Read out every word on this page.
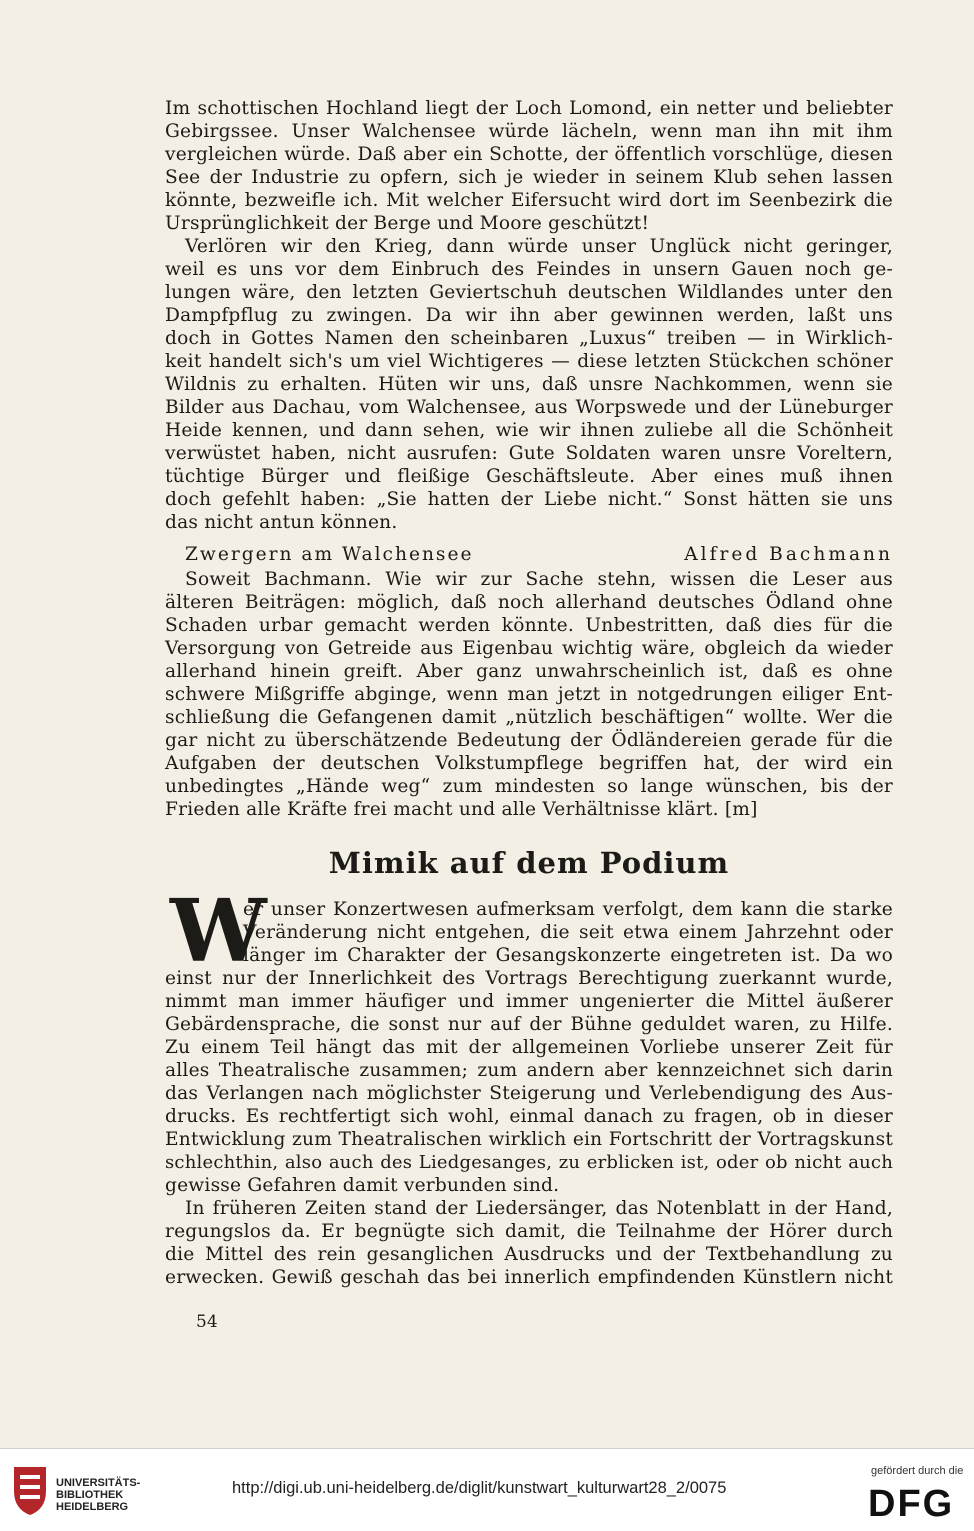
Im schottischen Hochland liegt der Loch Lomond, ein netter und beliebter
Gebirgssee. Unser Walchensee würde lächeln, wenn man ihn mit ihm
vergleichen würde. Daß aber ein Schotte, der öffentlich vorschlüge, diesen
See der Industrie zu opfern, sich je wieder in seinem Klub sehen lassen
könnte, bezweifle ich. Mit welcher Eifersucht wird dort im Seenbezirk die
Ursprünglichkeit der Berge und Moore geschützt!
Verlören wir den Krieg, dann würde unser Unglück nicht geringer,
weil es uns vor dem Einbruch des Feindes in unsern Gauen noch ge-
lungen wäre, den letzten Geviertschuh deutschen Wildlandes unter den
Dampfpflug zu zwingen. Da wir ihn aber gewinnen werden, laßt uns
doch in Gottes Namen den scheinbaren „Luxus“ treiben — in Wirklich-
keit handelt sich's um viel Wichtigeres — diese letzten Stückchen schöner
Wildnis zu erhalten. Hüten wir uns, daß unsre Nachkommen, wenn sie
Bilder aus Dachau, vom Walchensee, aus Worpswede und der Lüneburger
Heide kennen, und dann sehen, wie wir ihnen zuliebe all die Schönheit
verwüstet haben, nicht ausrufen: Gute Soldaten waren unsre Voreltern,
tüchtige Bürger und fleißige Geschäftsleute. Aber eines muß ihnen
doch gefehlt haben: „Sie hatten der Liebe nicht.“ Sonst hätten sie uns
das nicht antun können.
Zwergern am Walchensee	Alfred Bachmann
Soweit Bachmann. Wie wir zur Sache stehn, wissen die Leser aus
älteren Beiträgen: möglich, daß noch allerhand deutsches Ödland ohne
Schaden urbar gemacht werden könnte. Unbestritten, daß dies für die
Versorgung von Getreide aus Eigenbau wichtig wäre, obgleich da wieder
allerhand hinein greift. Aber ganz unwahrscheinlich ist, daß es ohne
schwere Mißgriffe abginge, wenn man jetzt in notgedrungen eiliger Ent-
schließung die Gefangenen damit „nützlich beschäftigen“ wollte. Wer die
gar nicht zu überschätzende Bedeutung der Ödländereien gerade für die
Aufgaben der deutschen Volkstumpflege begriffen hat, der wird ein
unbedingtes „Hände weg“ zum mindesten so lange wünschen, bis der
Frieden alle Kräfte frei macht und alle Verhältnisse klärt. [m]
Mimik auf dem Podium
W
er unser Konzertwesen aufmerksam verfolgt, dem kann die starke
Veränderung nicht entgehen, die seit etwa einem Jahrzehnt oder
länger im Charakter der Gesangskonzerte eingetreten ist. Da wo
einst nur der Innerlichkeit des Vortrags Berechtigung zuerkannt wurde,
nimmt man immer häufiger und immer ungenierter die Mittel äußerer
Gebärdensprache, die sonst nur auf der Bühne geduldet waren, zu Hilfe.
Zu einem Teil hängt das mit der allgemeinen Vorliebe unserer Zeit für
alles Theatralische zusammen; zum andern aber kennzeichnet sich darin
das Verlangen nach möglichster Steigerung und Verlebendigung des Aus-
drucks. Es rechtfertigt sich wohl, einmal danach zu fragen, ob in dieser
Entwicklung zum Theatralischen wirklich ein Fortschritt der Vortragskunst
schlechthin, also auch des Liedgesanges, zu erblicken ist, oder ob nicht auch
gewisse Gefahren damit verbunden sind.
In früheren Zeiten stand der Liedersänger, das Notenblatt in der Hand,
regungslos da. Er begnügte sich damit, die Teilnahme der Hörer durch
die Mittel des rein gesanglichen Ausdrucks und der Textbehandlung zu
erwecken. Gewiß geschah das bei innerlich empfindenden Künstlern nicht
54
UNIVERSITÄTS-
BIBLIOTHEK
HEIDELBERG
http://digi.ub.uni-heidelberg.de/diglit/kunstwart_kulturwart28_2/0075
gefördert durch die
DFG
